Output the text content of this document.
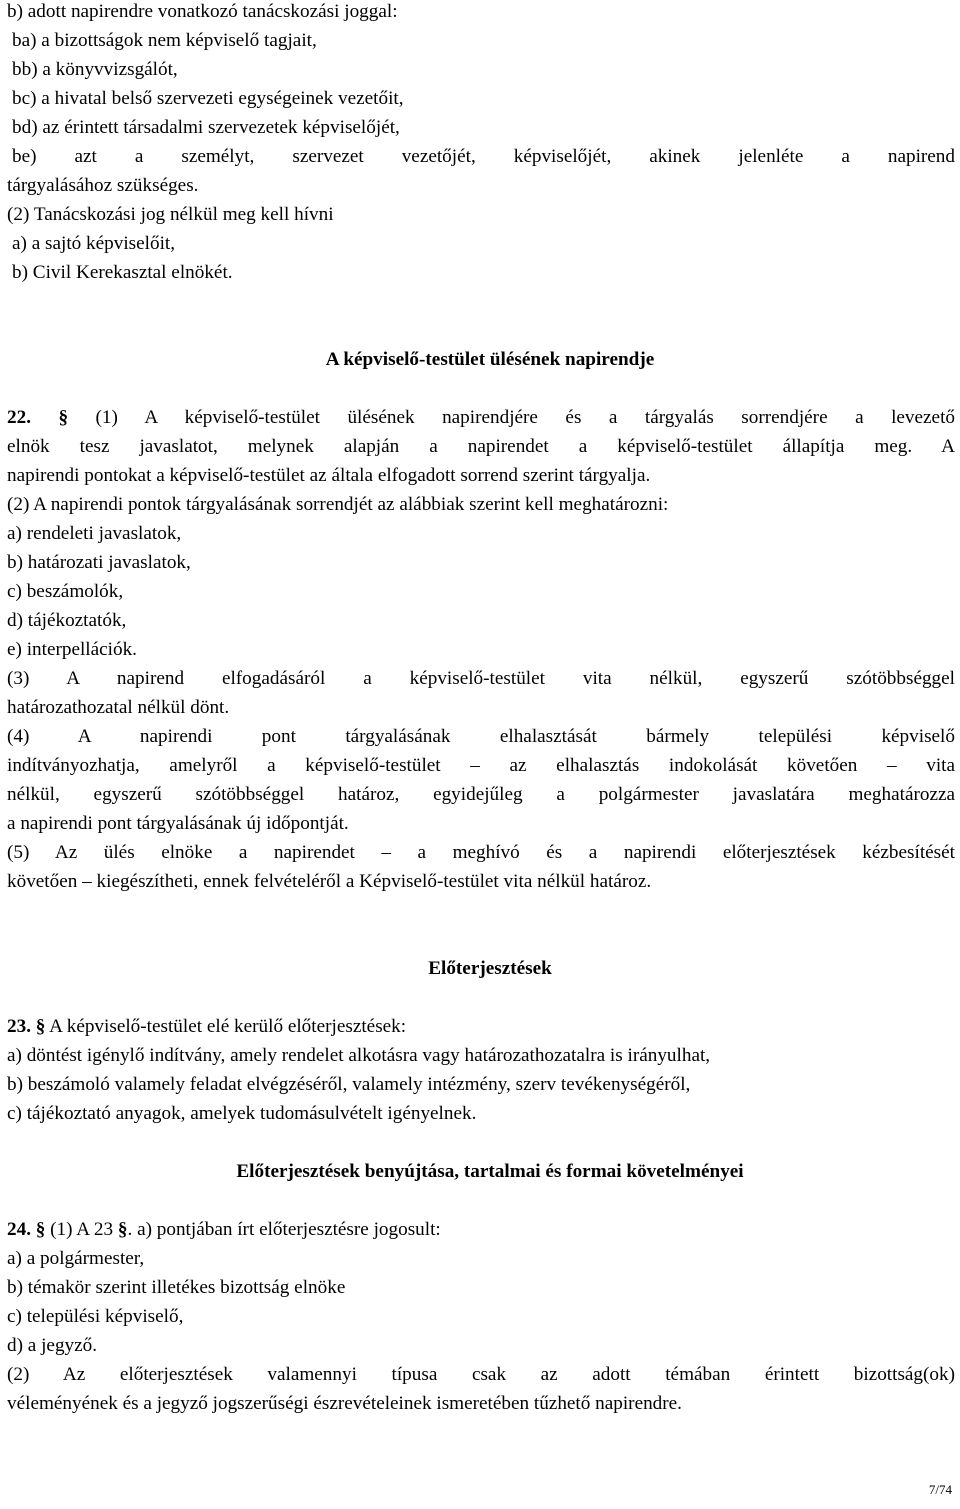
b) adott napirendre vonatkozó tanácskozási joggal:
ba) a bizottságok nem képviselő tagjait,
bb) a könyvvizsgálót,
bc) a hivatal belső szervezeti egységeinek vezetőit,
bd) az érintett társadalmi szervezetek képviselőjét,
be) azt a személyt, szervezet vezetőjét, képviselőjét, akinek jelenléte a napirend
tárgyalásához szükséges.
(2) Tanácskozási jog nélkül meg kell hívni
a) a sajtó képviselőit,
b) Civil Kerekasztal elnökét.
A képviselő-testület ülésének napirendje
22. § (1) A képviselő-testület ülésének napirendjére és a tárgyalás sorrendjére a levezető
elnök tesz javaslatot, melynek alapján a napirendet a képviselő-testület állapítja meg. A
napirendi pontokat a képviselő-testület az általa elfogadott sorrend szerint tárgyalja.
(2) A napirendi pontok tárgyalásának sorrendjét az alábbiak szerint kell meghatározni:
a) rendeleti javaslatok,
b) határozati javaslatok,
c) beszámolók,
d) tájékoztatók,
e) interpellációk.
(3) A napirend elfogadásáról a képviselő-testület vita nélkül, egyszerű szótöbbséggel
határozathozatal nélkül dönt.
(4) A napirendi pont tárgyalásának elhalasztását bármely települési képviselő
indítványozhatja, amelyről a képviselő-testület – az elhalasztás indokolását követően – vita
nélkül, egyszerű szótöbbséggel határoz, egyidejűleg a polgármester javaslatára meghatározza
a napirendi pont tárgyalásának új időpontját.
(5) Az ülés elnöke a napirendet – a meghívó és a napirendi előterjesztések kézbesítését
követően – kiegészítheti, ennek felvételéről a Képviselő-testület vita nélkül határoz.
Előterjesztések
23. § A képviselő-testület elé kerülő előterjesztések:
a) döntést igénylő indítvány, amely rendelet alkotásra vagy határozathozatalra is irányulhat,
b) beszámoló valamely feladat elvégzéséről, valamely intézmény, szerv tevékenységéről,
c) tájékoztató anyagok, amelyek tudomásulvételt igényelnek.
Előterjesztések benyújtása, tartalmai és formai követelményei
24. § (1) A 23 §. a) pontjában írt előterjesztésre jogosult:
a) a polgármester,
b) témakör szerint illetékes bizottság elnöke
c) települési képviselő,
d) a jegyző.
(2) Az előterjesztések valamennyi típusa csak az adott témában érintett bizottság(ok)
véleményének és a jegyző jogszerűségi észrevételeinek ismeretében tűzhető napirendre.
7/74
